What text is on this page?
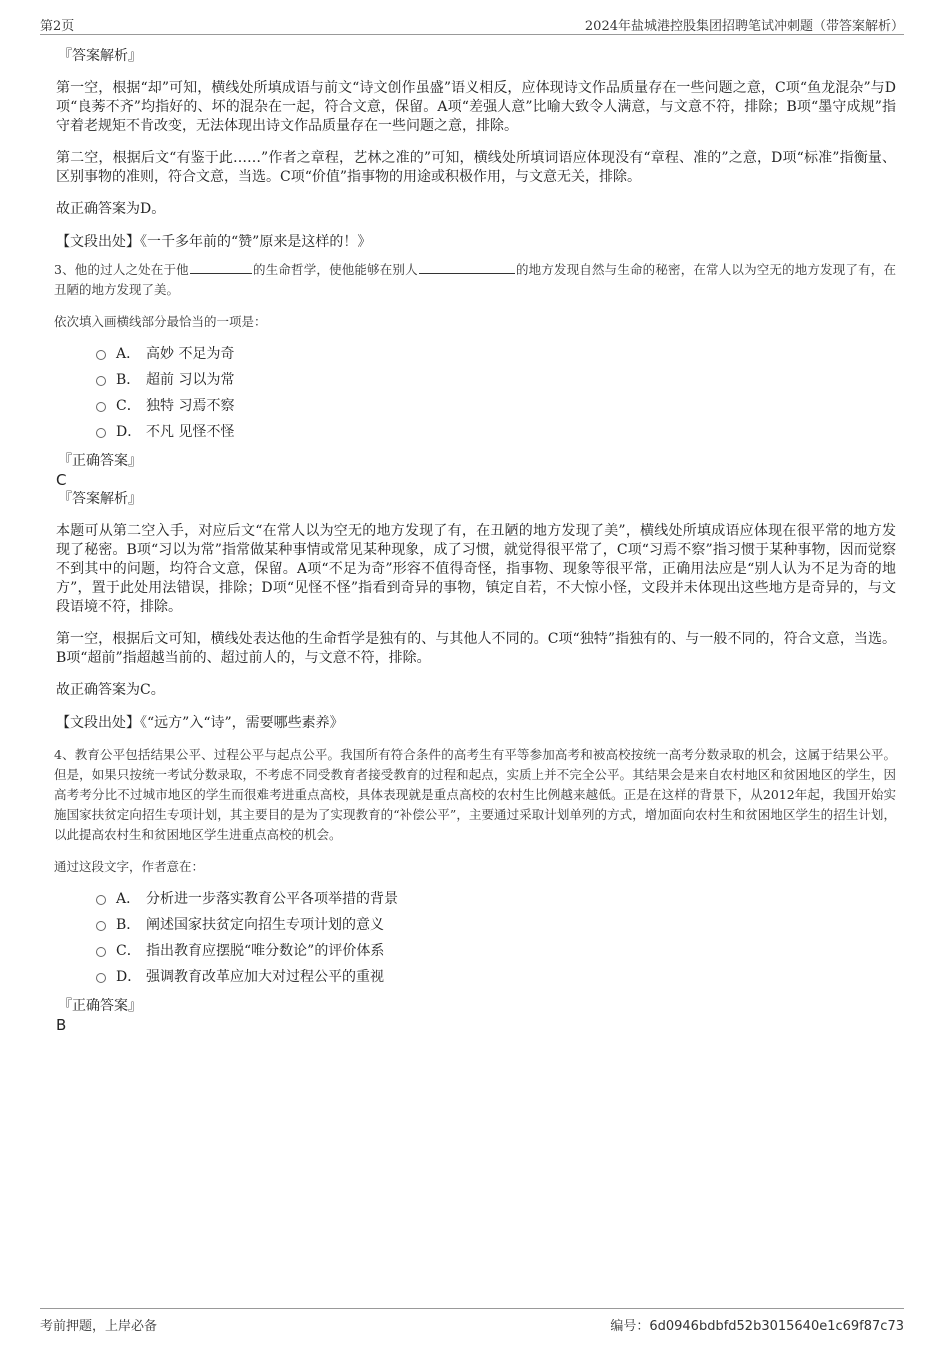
第2页	2024年盐城港控股集团招聘笔试冲刺题（带答案解析）
『答案解析』

第一空，根据“却”可知，横线处所填成语与前文“诗文创作虽盛”语义相反，应体现诗文作品质量存在一些问题之意，C项“鱼龙混杂”与D项“良莠不齐”均指好的、坏的混杂在一起，符合文意，保留。A项“差强人意”比喻大致令人满意，与文意不符，排除；B项“墨守成规”指守着老规矩不肯改变，无法体现出诗文作品质量存在一些问题之意，排除。

第二空，根据后文“有鉴于此……”作者之章程，艺林之准的”可知，横线处所填词语应体现没有“章程、准的”之意，D项“标准”指衡量、区别事物的准则，符合文意，当选。C项“价值”指事物的用途或积极作用，与文意无关，排除。

故正确答案为D。

【文段出处】《一千多年前的“赞”原来是这样的！》

3、他的过人之处在于他	的生命哲学，使他能够在别人	的地方发现自然与生命的秘密，在常人以为空无的地方发现了有，在丑陋的地方发现了美。

依次填入画横线部分最恰当的一项是：

A． 高妙 不足为奇
B． 超前 习以为常
C． 独特 习焉不察
D． 不凡 见怪不怪
『正确答案』
C
『答案解析』

本题可从第二空入手，对应后文“在常人以为空无的地方发现了有，在丑陋的地方发现了美”，横线处所填成语应体现在很平常的地方发现了秘密。B项“习以为常”指常做某种事情或常见某种现象，成了习惯，就觉得很平常了，C项“习焉不察”指习惯于某种事物，因而觉察不到其中的问题，均符合文意，保留。A项“不足为奇”形容不值得奇怪，指事物、现象等很平常，正确用法应是“别人认为不足为奇的地方”，置于此处用法错误，排除；D项“见怪不怪”指看到奇异的事物，镇定自若，不大惊小怪，文段并未体现出这些地方是奇异的，与文段语境不符，排除。

第一空，根据后文可知，横线处表达他的生命哲学是独有的、与其他人不同的。C项“独特”指独有的、与一般不同的，符合文意，当选。B项“超前”指超越当前的、超过前人的，与文意不符，排除。

故正确答案为C。

【文段出处】《“远方”入“诗”，需要哪些素养》

4、教育公平包括结果公平、过程公平与起点公平。我国所有符合条件的高考生有平等参加高考和被高校按统一高考分数录取的机会，这属于结果公平。但是，如果只按统一考试分数录取，不考虑不同受教育者接受教育的过程和起点，实质上并不完全公平。其结果会是来自农村地区和贫困地区的学生，因高考考分比不过城市地区的学生而很难考进重点高校，具体表现就是重点高校的农村生比例越来越低。正是在这样的背景下，从2012年起，我国开始实施国家扶贫定向招生专项计划，其主要目的是为了实现教育的“补偿公平”，主要通过采取计划单列的方式，增加面向农村生和贫困地区学生的招生计划，以此提高农村生和贫困地区学生进重点高校的机会。

通过这段文字，作者意在：

A． 分析进一步落实教育公平各项举措的背景
B． 阐述国家扶贫定向招生专项计划的意义
C． 指出教育应摆脱“唯分数论”的评价体系
D． 强调教育改革应加大对过程公平的重视
『正确答案』
B
考前押题，上岸必备	编号：6d0946bdbfd52b3015640e1c69f87c73
